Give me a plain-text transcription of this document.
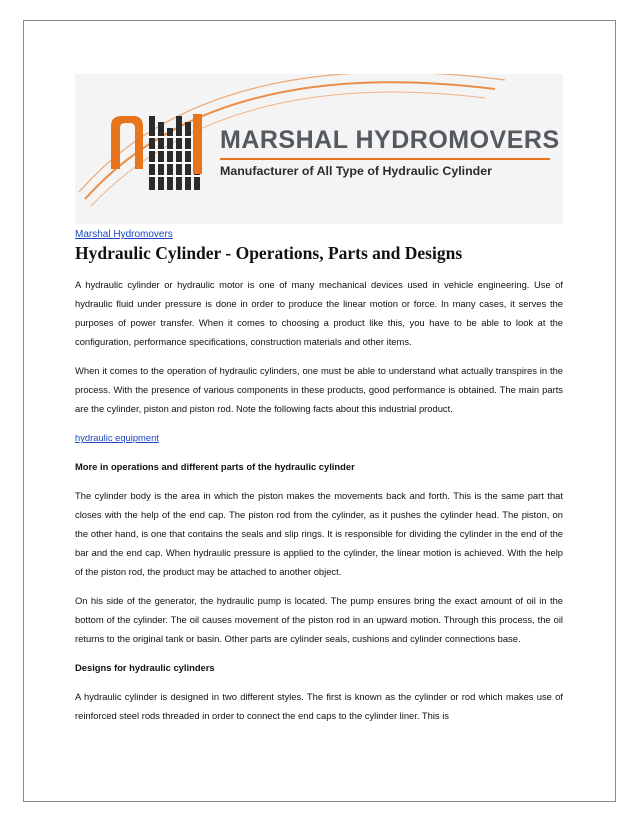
MARSHAL HYDROMOVERS
Manufacturer of All Type of Hydraulic Cylinder
Marshal Hydromovers
Hydraulic Cylinder - Operations, Parts and Designs

A hydraulic cylinder or hydraulic motor is one of many mechanical devices used in vehicle engineering. Use of hydraulic fluid under pressure is done in order to produce the linear motion or force. In many cases, it serves the purposes of power transfer. When it comes to choosing a product like this, you have to be able to look at the configuration, performance specifications, construction materials and other items.

When it comes to the operation of hydraulic cylinders, one must be able to understand what actually transpires in the process. With the presence of various components in these products, good performance is obtained. The main parts are the cylinder, piston and piston rod. Note the following facts about this industrial product.

hydraulic equipment

More in operations and different parts of the hydraulic cylinder

The cylinder body is the area in which the piston makes the movements back and forth. This is the same part that closes with the help of the end cap. The piston rod from the cylinder, as it pushes the cylinder head. The piston, on the other hand, is one that contains the seals and slip rings. It is responsible for dividing the cylinder in the end of the bar and the end cap. When hydraulic pressure is applied to the cylinder, the linear motion is achieved. With the help of the piston rod, the product may be attached to another object.

On his side of the generator, the hydraulic pump is located. The pump ensures bring the exact amount of oil in the bottom of the cylinder. The oil causes movement of the piston rod in an upward motion. Through this process, the oil returns to the original tank or basin. Other parts are cylinder seals, cushions and cylinder connections base.

Designs for hydraulic cylinders

A hydraulic cylinder is designed in two different styles. The first is known as the cylinder or rod which makes use of reinforced steel rods threaded in order to connect the end caps to the cylinder liner. This is
